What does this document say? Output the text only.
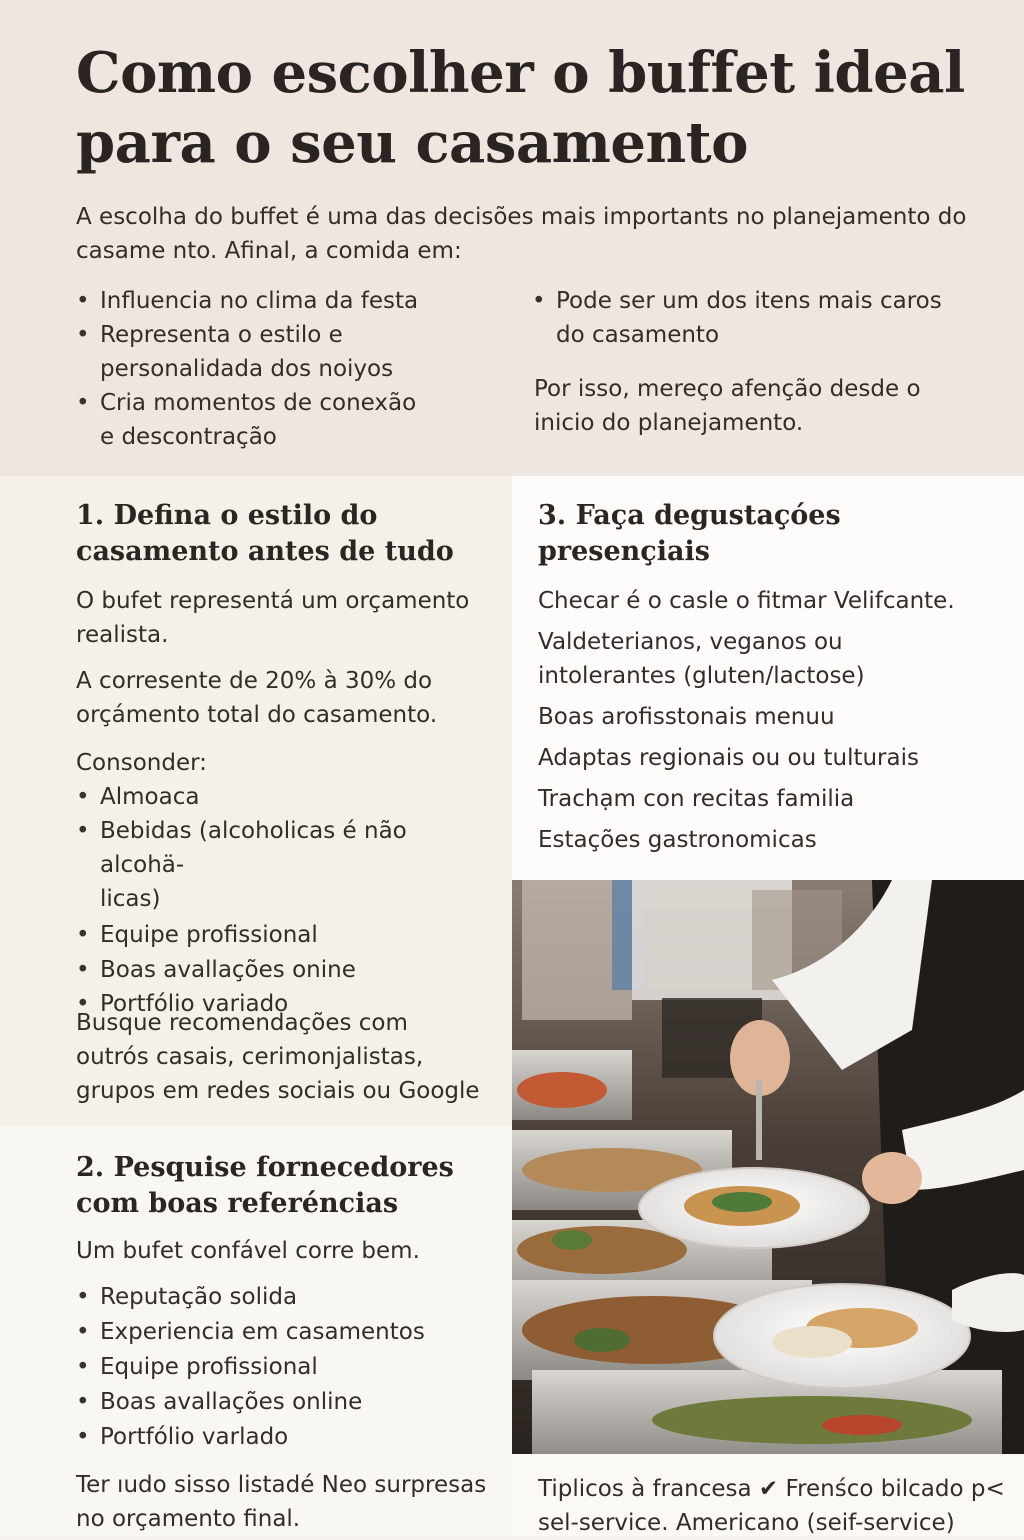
Como escolher o buffet ideal
para o seu casamento

A escolha do buffet é uma das decisões mais importants no planejamento do
casame nto. Afinal, a comida em:

• Influencia no clima da festa
• Representa o estilo e
personalidada dos noiyos
• Cria momentos de conexão
e descontração
• Pode ser um dos itens mais caros
do casamento

Por isso, mereço afenção desde o
inicio do planejamento.

1. Defina o estilo do
casamento antes de tudo

O bufet representá um orçamento
realista.

A corresente de 20% à 30% do
orçámento total do casamento.

Consonder:

• Almoaca
• Bebidas (alcoholicas é não alcohä-
licas)
• Equipe profissional
• Boas avallações onine
• Portfólio variado

Busque recomendações com
outrós casais, cerimonjalistas,
grupos em redes sociais ou Google

2. Pesquise fornecedores
com boas referéncias

Um bufet confável corre bem.

• Reputação solida
• Experiencia em casamentos
• Equipe profissional
• Boas avallações online
• Portfólio varlado

Ter ıudo sisso listadé Neo surpresas
no orçamento final.

3. Faça degustaçóes
presençiais

Checar é o casle o fitmar Velifcante.

Valdeterianos, veganos ou
intolerantes (gluten/lactose)

Boas arofisstonais menuu

Adaptas regionais ou ou tulturais

Trachạm con recitas familia

Estações gastronomicas

Tiplicos à francesa ✔ Frenśco bilcado p<
sel-service. Americano (seif-service)
